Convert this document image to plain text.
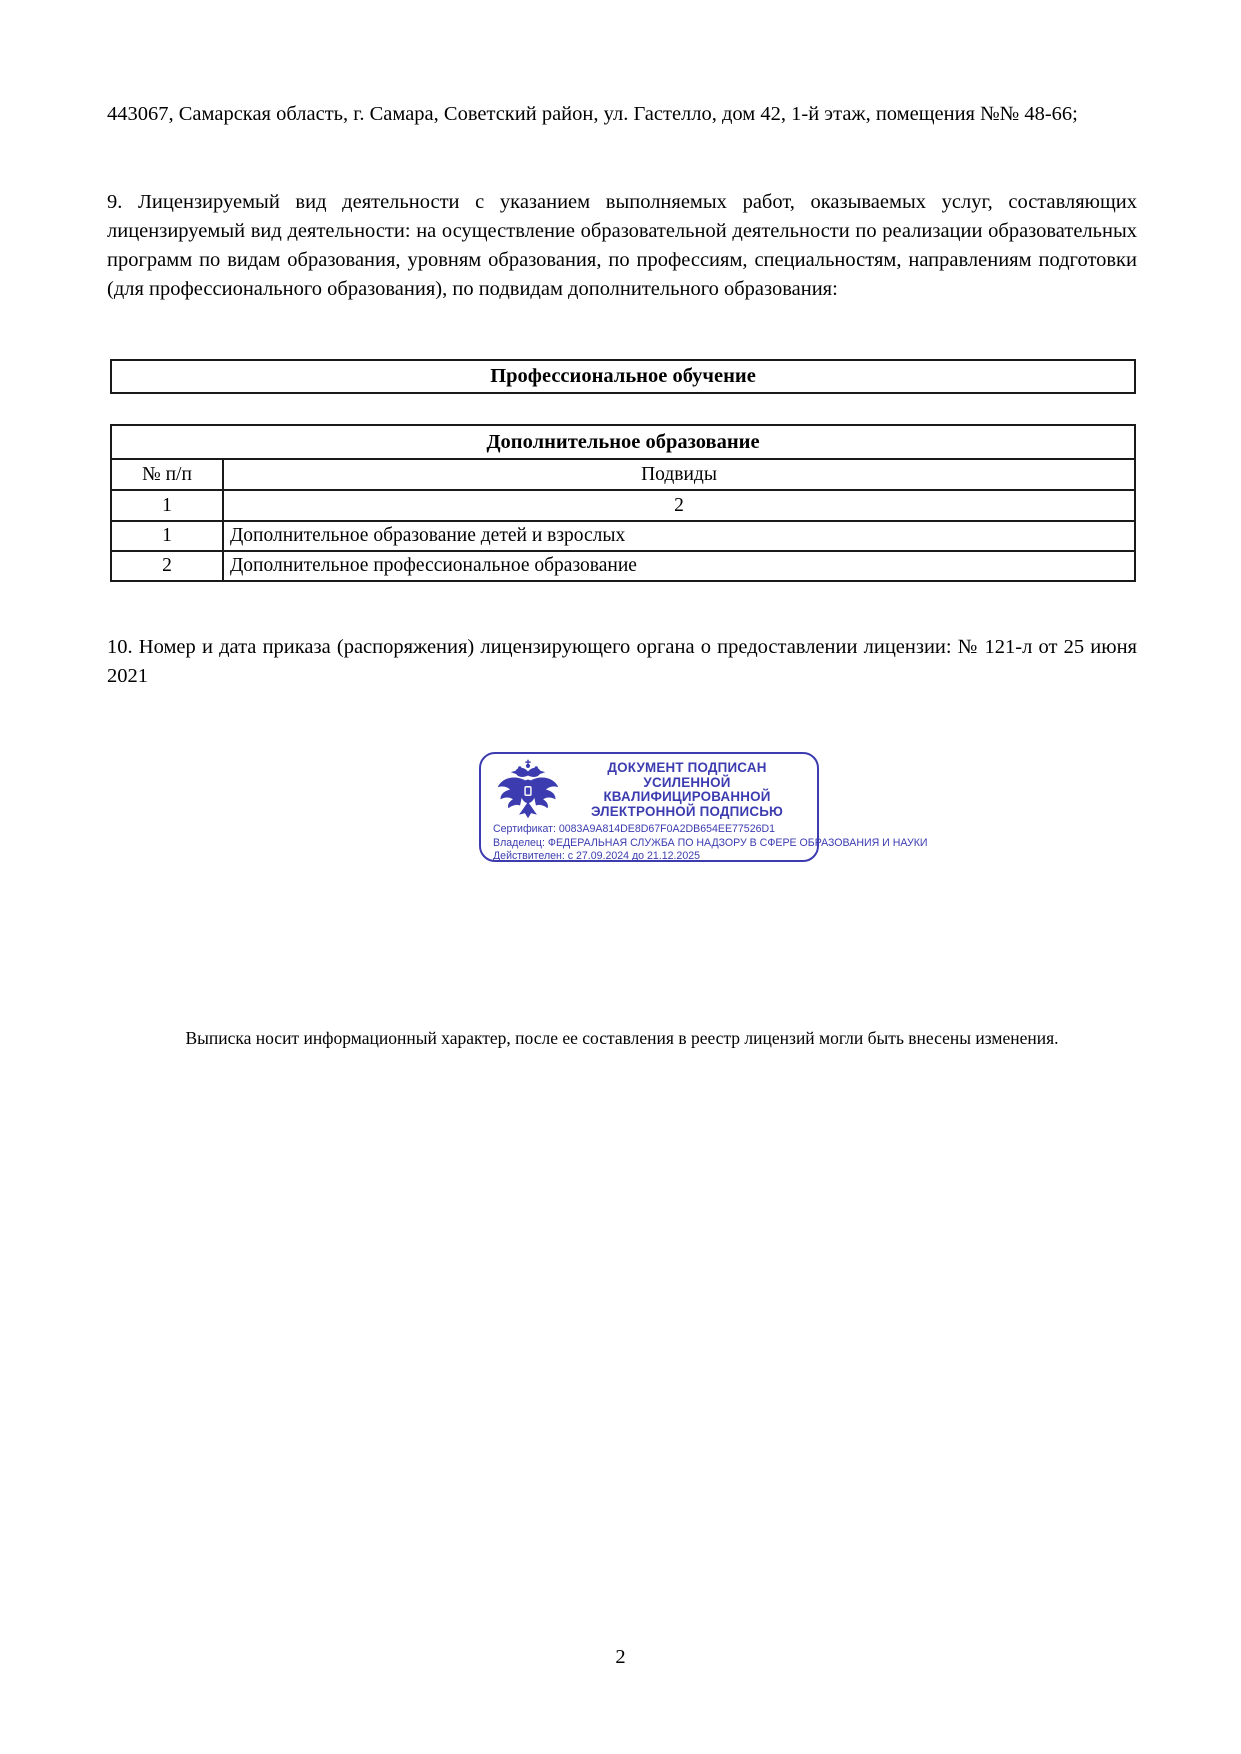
443067, Самарская область, г. Самара, Советский район, ул. Гастелло, дом 42, 1-й этаж, помещения №№ 48-66;

9. Лицензируемый вид деятельности с указанием выполняемых работ, оказываемых услуг, составляющих лицензируемый вид деятельности: на осуществление образовательной деятельности по реализации образовательных программ по видам образования, уровням образования, по профессиям, специальностям, направлениям подготовки (для профессионального образования), по подвидам дополнительного образования:

Профессиональное обучение
Дополнительное образование	
№ п/п	Подвиды
1	2
1	Дополнительное образование детей и взрослых
2	Дополнительное профессиональное образование

10. Номер и дата приказа (распоряжения) лицензирующего органа о предоставлении лицензии: № 121-л от 25 июня 2021

ДОКУМЕНТ ПОДПИСАН
УСИЛЕННОЙ КВАЛИФИЦИРОВАННОЙ
ЭЛЕКТРОННОЙ ПОДПИСЬЮ
Сертификат: 0083A9A814DE8D67F0A2DB654EE77526D1
Владелец: ФЕДЕРАЛЬНАЯ СЛУЖБА ПО НАДЗОРУ В СФЕРЕ ОБРАЗОВАНИЯ И НАУКИ
Действителен: с 27.09.2024 до 21.12.2025

Выписка носит информационный характер, после ее составления в реестр лицензий могли быть внесены изменения.

2
